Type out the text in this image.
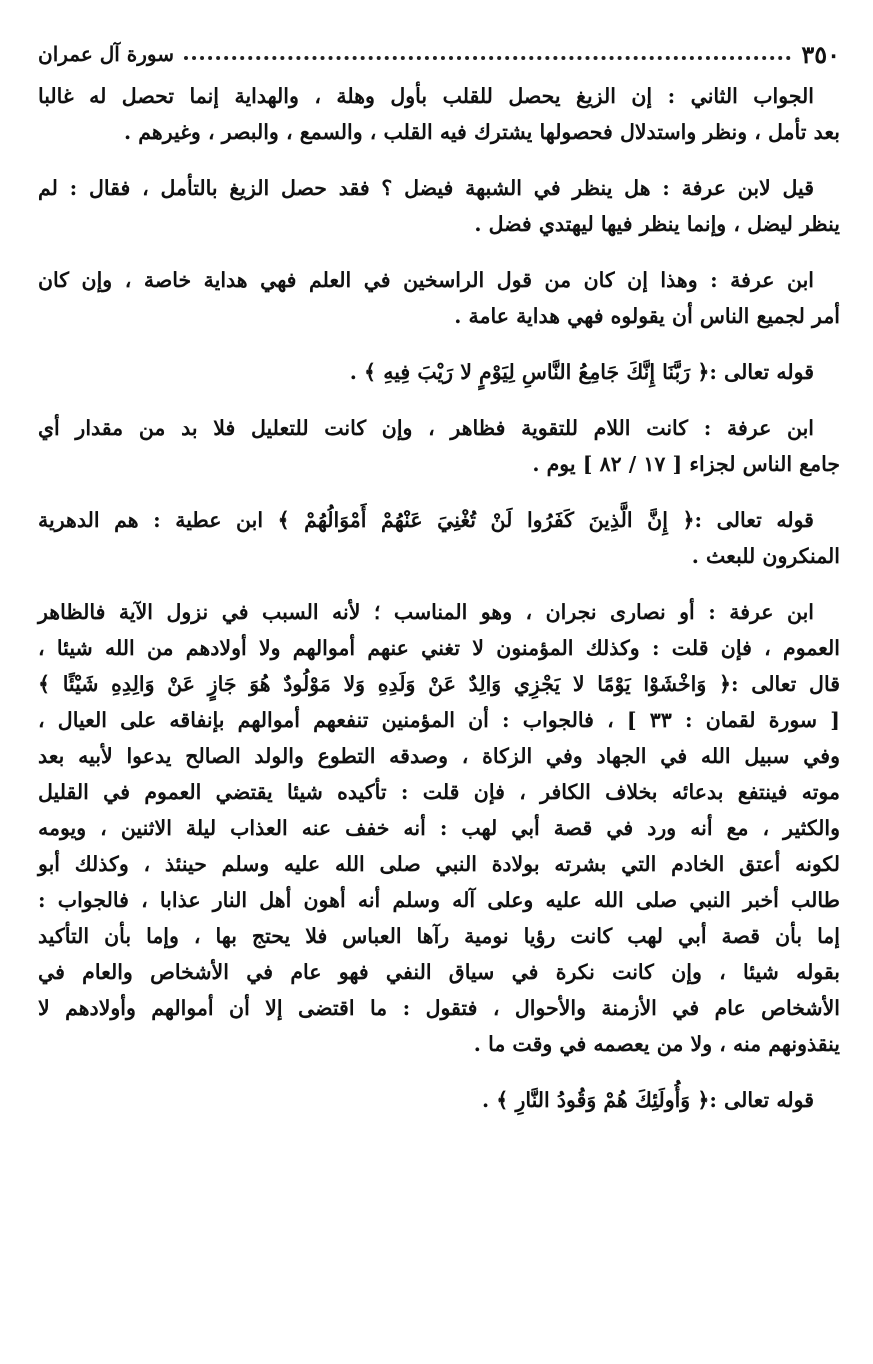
٣٥٠
سورة آل عمران
الجواب الثاني : إن الزيغ يحصل للقلب بأول وهلة ، والهداية إنما تحصل له غالبا
بعد تأمل ، ونظر واستدلال فحصولها يشترك فيه القلب ، والسمع ، والبصر ، وغيرهم .
قيل لابن عرفة : هل ينظر في الشبهة فيضل ؟ فقد حصل الزيغ بالتأمل ، فقال : لم
ينظر ليضل ، وإنما ينظر فيها ليهتدي فضل .
ابن عرفة : وهذا إن كان من قول الراسخين في العلم فهي هداية خاصة ، وإن كان
أمر لجميع الناس أن يقولوه فهي هداية عامة .
قوله تعالى :﴿ رَبَّنَا إِنَّكَ جَامِعُ النَّاسِ لِيَوْمٍ لا رَيْبَ فِيهِ ﴾ .
ابن عرفة : كانت اللام للتقوية فظاهر ، وإن كانت للتعليل فلا بد من مقدار أي
جامع الناس لجزاء [ ١٧ / ٨٢ ] يوم .
قوله تعالى :﴿ إِنَّ الَّذِينَ كَفَرُوا لَنْ تُغْنِيَ عَنْهُمْ أَمْوَالُهُمْ ﴾ ابن عطية : هم الدهرية
المنكرون للبعث .
ابن عرفة : أو نصارى نجران ، وهو المناسب ؛ لأنه السبب في نزول الآية فالظاهر
العموم ، فإن قلت : وكذلك المؤمنون لا تغني عنهم أموالهم ولا أولادهم من الله شيئا ،
قال تعالى :﴿ وَاخْشَوْا يَوْمًا لا يَجْزِي وَالِدٌ عَنْ وَلَدِهِ وَلا مَوْلُودٌ هُوَ جَازٍ عَنْ وَالِدِهِ شَيْئًا ﴾
[ سورة لقمان : ٣٣ ] ، فالجواب : أن المؤمنين تنفعهم أموالهم بإنفاقه على العيال ،
وفي سبيل الله في الجهاد وفي الزكاة ، وصدقه التطوع والولد الصالح يدعوا لأبيه بعد
موته فينتفع بدعائه بخلاف الكافر ، فإن قلت : تأكيده شيئا يقتضي العموم في القليل
والكثير ، مع أنه ورد في قصة أبي لهب : أنه خفف عنه العذاب ليلة الاثنين ، ويومه
لكونه أعتق الخادم التي بشرته بولادة النبي صلى الله عليه وسلم حينئذ ، وكذلك أبو
طالب أخبر النبي صلى الله عليه وعلى آله وسلم أنه أهون أهل النار عذابا ، فالجواب :
إما بأن قصة أبي لهب كانت رؤيا نومية رآها العباس فلا يحتج بها ، وإما بأن التأكيد
بقوله شيئا ، وإن كانت نكرة في سياق النفي فهو عام في الأشخاص والعام في
الأشخاص عام في الأزمنة والأحوال ، فتقول : ما اقتضى إلا أن أموالهم وأولادهم لا
ينقذونهم منه ، ولا من يعصمه في وقت ما .
قوله تعالى :﴿ وَأُولَئِكَ هُمْ وَقُودُ النَّارِ ﴾ .
